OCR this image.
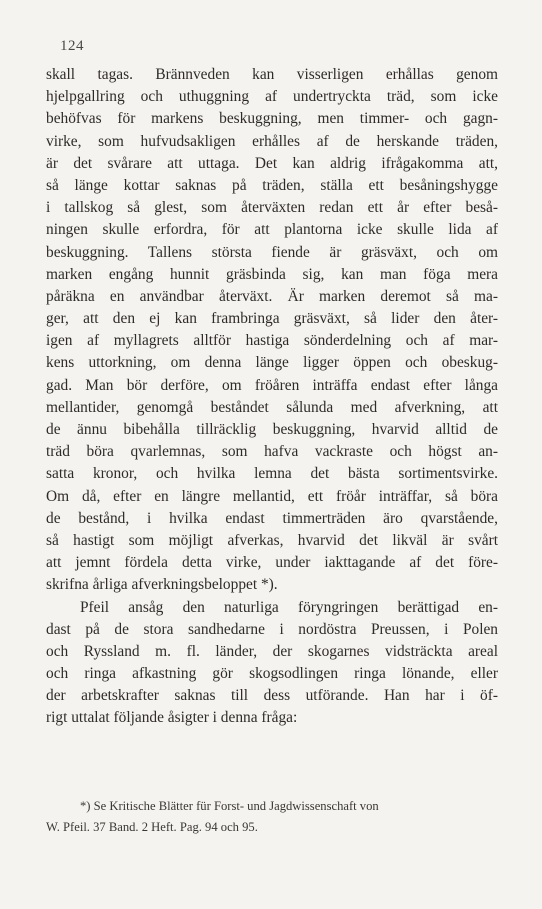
124
skall tagas. Brännveden kan visserligen erhållas genom
hjelpgallring och uthuggning af undertryckta träd, som icke
behöfvas för markens beskuggning, men timmer- och gagn-
virke, som hufvudsakligen erhålles af de herskande träden,
är det svårare att uttaga. Det kan aldrig ifrågakomma att,
så länge kottar saknas på träden, ställa ett besåningshygge
i tallskog så glest, som återväxten redan ett år efter beså-
ningen skulle erfordra, för att plantorna icke skulle lida af
beskuggning. Tallens största fiende är gräsväxt, och om
marken engång hunnit gräsbinda sig, kan man föga mera
påräkna en användbar återväxt. Är marken deremot så ma-
ger, att den ej kan frambringa gräsväxt, så lider den åter-
igen af myllagrets alltför hastiga sönderdelning och af mar-
kens uttorkning, om denna länge ligger öppen och obeskug-
gad. Man bör derföre, om fröåren inträffa endast efter långa
mellantider, genomgå beståndet sålunda med afverkning, att
de ännu bibehålla tillräcklig beskuggning, hvarvid alltid de
träd böra qvarlemnas, som hafva vackraste och högst an-
satta kronor, och hvilka lemna det bästa sortimentsvirke.
Om då, efter en längre mellantid, ett fröår inträffar, så böra
de bestånd, i hvilka endast timmerträden äro qvarstående,
så hastigt som möjligt afverkas, hvarvid det likväl är svårt
att jemnt fördela detta virke, under iakttagande af det före-
skrifna årliga afverkningsbeloppet *).
Pfeil ansåg den naturliga föryngringen berättigad en-
dast på de stora sandhedarne i nordöstra Preussen, i Polen
och Ryssland m. fl. länder, der skogarnes vidsträckta areal
och ringa afkastning gör skogsodlingen ringa lönande, eller
der arbetskrafter saknas till dess utförande. Han har i öf-
rigt uttalat följande åsigter i denna fråga:
*) Se Kritische Blätter für Forst- und Jagdwissenschaft von
W. Pfeil. 37 Band. 2 Heft. Pag. 94 och 95.
